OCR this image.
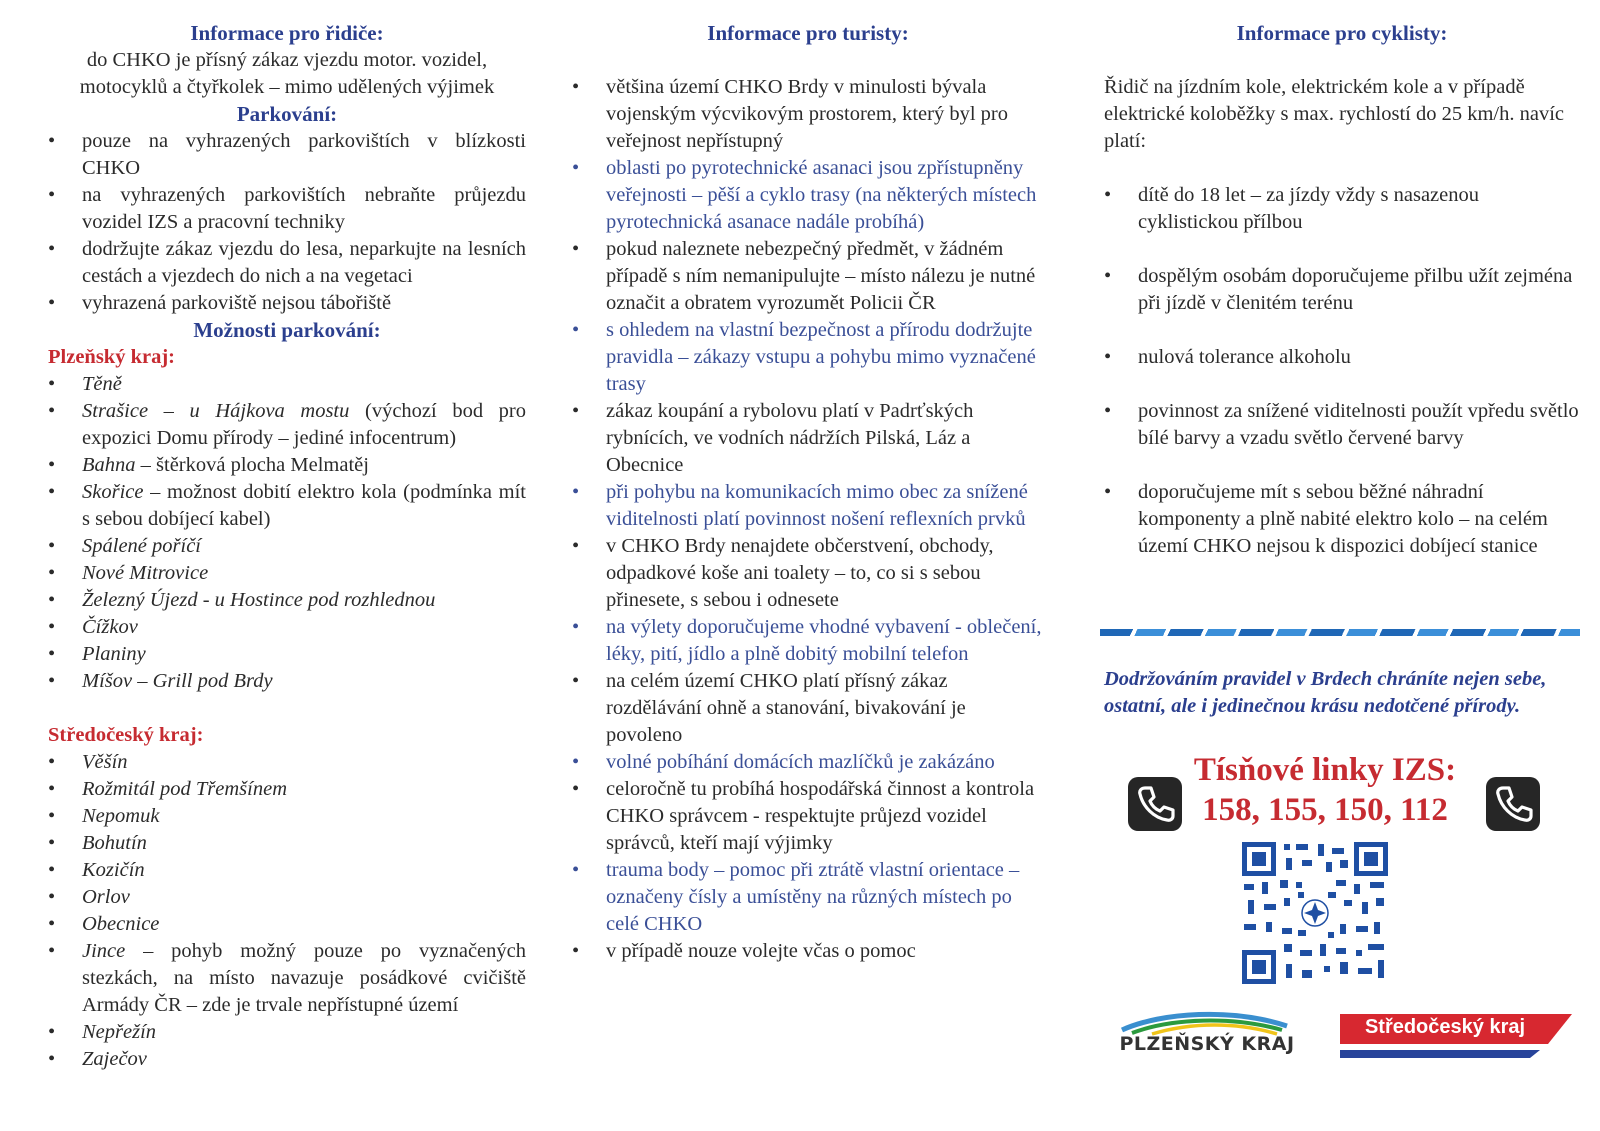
Informace pro řidiče:

do CHKO je přísný zákaz vjezdu motor. vozidel,

motocyklů a čtyřkolek – mimo udělených výjimek

Parkování:
• pouze na vyhrazených parkovištích v blízkosti CHKO
• na vyhrazených parkovištích nebraňte průjezdu vozidel IZS a pracovní techniky
• dodržujte zákaz vjezdu do lesa, neparkujte na lesních cestách a vjezdech do nich a na vegetaci
• vyhrazená parkoviště nejsou tábořiště
Možnosti parkování:

Plzeňský kraj:

• Těně
• Strašice – u Hájkova mostu (výchozí bod pro expozici Domu přírody – jediné infocentrum)
• Bahna – štěrková plocha Melmatěj
• Skořice – možnost dobití elektro kola (podmínka mít s sebou dobíjecí kabel)
• Spálené poříčí
• Nové Mitrovice
• Železný Újezd - u Hostince pod rozhlednou
• Čížkov
• Planiny
• Míšov – Grill pod Brdy

Středočeský kraj:

• Věšín
• Rožmitál pod Třemšínem
• Nepomuk
• Bohutín
• Kozičín
• Orlov
• Obecnice
• Jince – pohyb možný pouze po vyznačených stezkách, na místo navazuje posádkové cvičiště Armády ČR – zde je trvale nepřístupné území
• Nepřežín
• Zaječov
Informace pro turisty:
• většina území CHKO Brdy v minulosti bývala vojenským výcvikovým prostorem, který byl pro veřejnost nepřístupný
• oblasti po pyrotechnické asanaci jsou zpřístupněny veřejnosti – pěší a cyklo trasy (na některých místech pyrotechnická asanace nadále probíhá)
• pokud naleznete nebezpečný předmět, v žádném případě s ním nemanipulujte – místo nálezu je nutné označit a obratem vyrozumět Policii ČR
• s ohledem na vlastní bezpečnost a přírodu dodržujte pravidla – zákazy vstupu a pohybu mimo vyznačené trasy
• zákaz koupání a rybolovu platí v Padrťských rybnících, ve vodních nádržích Pilská, Láz a Obecnice
• při pohybu na komunikacích mimo obec za snížené viditelnosti platí povinnost nošení reflexních prvků
• v CHKO Brdy nenajdete občerstvení, obchody, odpadkové koše ani toalety – to, co si s sebou přinesete, s sebou i odnesete
• na výlety doporučujeme vhodné vybavení - oblečení, léky, pití, jídlo a plně dobitý mobilní telefon
• na celém území CHKO platí přísný zákaz rozdělávání ohně a stanování, bivakování je povoleno
• volné pobíhání domácích mazlíčků je zakázáno
• celoročně tu probíhá hospodářská činnost a kontrola CHKO správcem - respektujte průjezd vozidel správců, kteří mají výjimky
• trauma body – pomoc při ztrátě vlastní orientace – označeny čísly a umístěny na různých místech po celé CHKO
• v případě nouze volejte včas o pomoc
Informace pro cyklisty:

Řidič na jízdním kole, elektrickém kole a v případě elektrické koloběžky s max. rychlostí do 25 km/h. navíc platí:

• dítě do 18 let – za jízdy vždy s nasazenou cyklistickou přílbou
• dospělým osobám doporučujeme přilbu užít zejména při jízdě v členitém terénu
• nulová tolerance alkoholu
• povinnost za snížené viditelnosti použít vpředu světlo bílé barvy a vzadu světlo červené barvy
• doporučujeme mít s sebou běžné náhradní komponenty a plně nabité elektro kolo – na celém území CHKO nejsou k dispozici dobíjecí stanice

Dodržováním pravidel v Brdech chráníte nejen sebe, ostatní, ale i jedinečnou krásu nedotčené přírody.

Tísňové linky IZS:
158, 155, 150, 112
PLZEŇSKÝ KRAJ
Středočeský kraj
